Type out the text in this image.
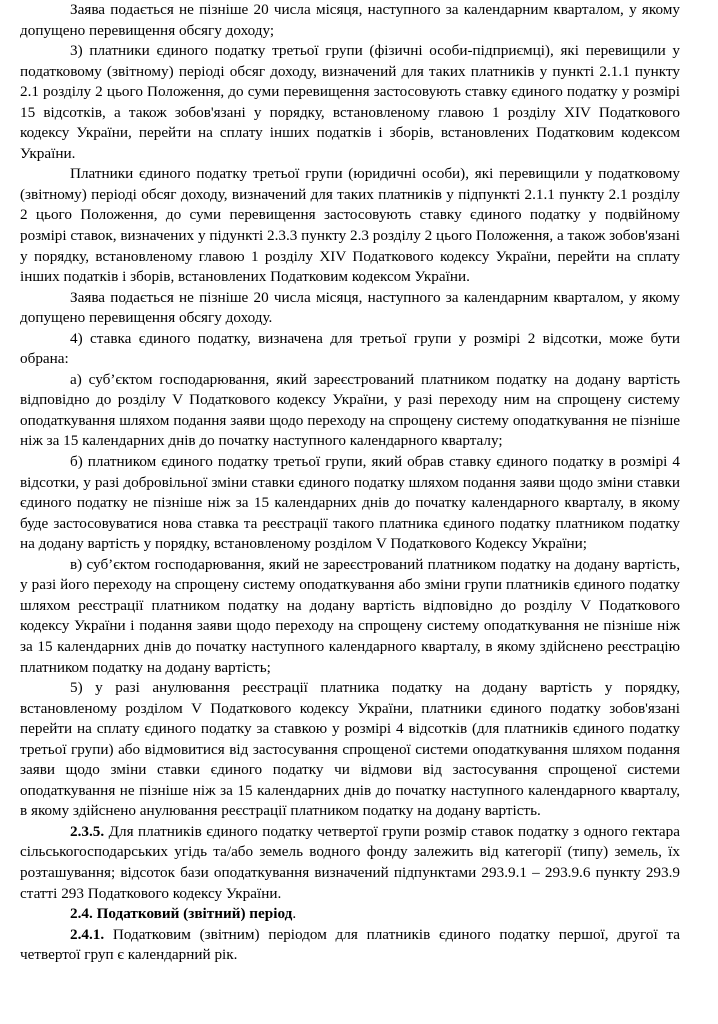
Заява подається не пізніше 20 числа місяця, наступного за календарним кварталом, у якому допущено перевищення обсягу доходу;

3) платники єдиного податку третьої групи (фізичні особи-підприємці), які перевищили у податковому (звітному) періоді обсяг доходу, визначений для таких платників у пункті 2.1.1 пункту 2.1 розділу 2 цього Положення, до суми перевищення застосовують ставку єдиного податку у розмірі 15 відсотків, а також зобов'язані у порядку, встановленому главою 1 розділу XIV Податкового кодексу України, перейти на сплату інших податків і зборів, встановлених Податковим кодексом України.

Платники єдиного податку третьої групи (юридичні особи), які перевищили у податковому (звітному) періоді обсяг доходу, визначений для таких платників у підпункті 2.1.1 пункту 2.1 розділу 2 цього Положення, до суми перевищення застосовують ставку єдиного податку у подвійному розмірі ставок, визначених у підункті 2.3.3 пункту 2.3 розділу 2 цього Положення, а також зобов'язані у порядку, встановленому главою 1 розділу XIV Податкового кодексу України, перейти на сплату інших податків і зборів, встановлених Податковим кодексом України.

Заява подається не пізніше 20 числа місяця, наступного за календарним кварталом, у якому допущено перевищення обсягу доходу.

4) ставка єдиного податку, визначена для третьої групи у розмірі 2 відсотки, може бути обрана:

а) суб’єктом господарювання, який зареєстрований платником податку на додану вартість відповідно до розділу V Податкового кодексу України, у разі переходу ним на спрощену систему оподаткування шляхом подання заяви щодо переходу на спрощену систему оподаткування не пізніше ніж за 15 календарних днів до початку наступного календарного кварталу;

б) платником єдиного податку третьої групи, який обрав ставку єдиного податку в розмірі 4 відсотки, у разі добровільної зміни ставки єдиного податку шляхом подання заяви щодо зміни ставки єдиного податку не пізніше ніж за 15 календарних днів до початку календарного кварталу, в якому буде застосовуватися нова ставка та реєстрації такого платника єдиного податку платником податку на додану вартість у порядку, встановленому розділом V Податкового Кодексу України;

в) суб’єктом господарювання, який не зареєстрований платником податку на додану вартість, у разі його переходу на спрощену систему оподаткування або зміни групи платників єдиного податку шляхом реєстрації платником податку на додану вартість відповідно до розділу V Податкового кодексу України і подання заяви щодо переходу на спрощену систему оподаткування не пізніше ніж за 15 календарних днів до початку наступного календарного кварталу, в якому здійснено реєстрацію платником податку на додану вартість;

5) у разі анулювання реєстрації платника податку на додану вартість у порядку, встановленому розділом V Податкового кодексу України, платники єдиного податку зобов'язані перейти на сплату єдиного податку за ставкою у розмірі 4 відсотків (для платників єдиного податку третьої групи) або відмовитися від застосування спрощеної системи оподаткування шляхом подання заяви щодо зміни ставки єдиного податку чи відмови від застосування спрощеної системи оподаткування не пізніше ніж за 15 календарних днів до початку наступного календарного кварталу, в якому здійснено анулювання реєстрації платником податку на додану вартість.

2.3.5. Для платників єдиного податку четвертої групи розмір ставок податку з одного гектара сільськогосподарських угідь та/або земель водного фонду залежить від категорії (типу) земель, їх розташування; відсоток бази оподаткування визначений підпунктами 293.9.1 – 293.9.6 пункту 293.9 статті 293 Податкового кодексу України.

2.4. Податковий (звітний) період.

2.4.1. Податковим (звітним) періодом для платників єдиного податку першої, другої та четвертої груп є календарний рік.
